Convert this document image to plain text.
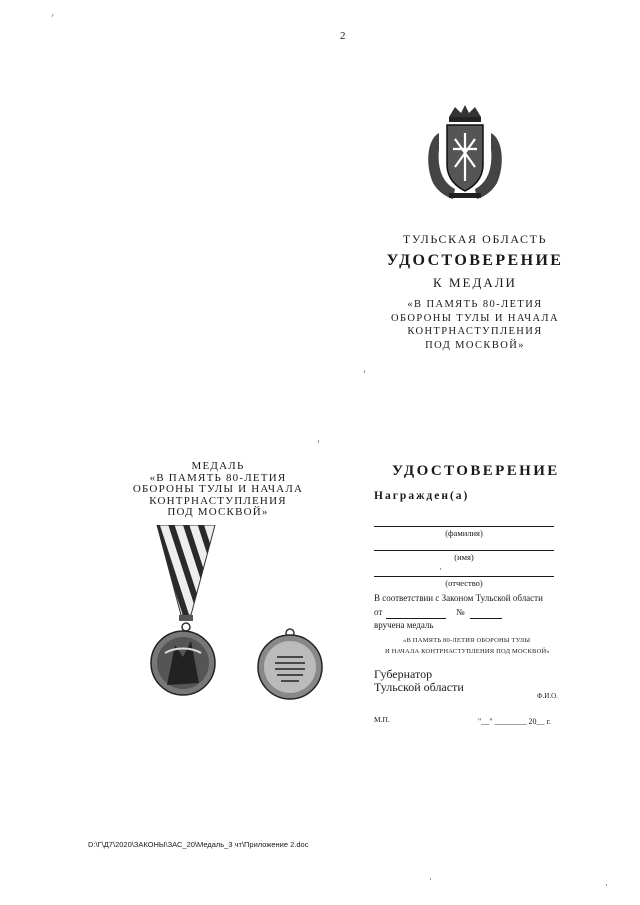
2
ТУЛЬСКАЯ ОБЛАСТЬ
УДОСТОВЕРЕНИЕ
К МЕДАЛИ
«В ПАМЯТЬ 80-ЛЕТИЯ
ОБОРОНЫ ТУЛЫ И НАЧАЛА
КОНТРНАСТУПЛЕНИЯ
ПОД МОСКВОЙ»
МЕДАЛЬ
«В ПАМЯТЬ 80-ЛЕТИЯ
ОБОРОНЫ ТУЛЫ И НАЧАЛА
КОНТРНАСТУПЛЕНИЯ
ПОД МОСКВОЙ»
УДОСТОВЕРЕНИЕ
Награжден(а)
(фамилия)
(имя)
(отчество)
В соответствии с Законом Тульской области
от	№
вручена медаль
«В ПАМЯТЬ 80-ЛЕТИЯ ОБОРОНЫ ТУЛЫ
И НАЧАЛА КОНТРНАСТУПЛЕНИЯ ПОД МОСКВОЙ»
Губернатор
Тульской области
Ф.И.О.
М.П.	"__" ________ 20__ г.
D:\Г\Д7\2020\ЗАКОНЫ\ЗАС_20\Медаль_3 чт\Приложение 2.doc
